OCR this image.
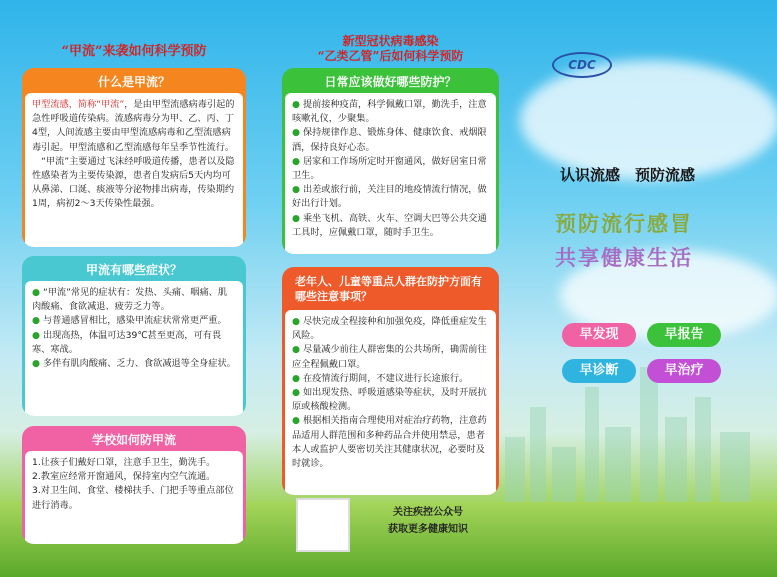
“甲流”来袭如何科学预防
新型冠状病毒感染
“乙类乙管”后如何科学预防
什么是甲流？
甲型流感，简称“甲流”，是由甲型流感病毒引起的急性呼吸道传染病。流感病毒分为甲、乙、丙、丁4型，人间流感主要由甲型流感病毒和乙型流感病毒引起。甲型流感和乙型流感每年呈季节性流行。
　“甲流”主要通过飞沫经呼吸道传播，患者以及隐性感染者为主要传染源，患者自发病后5天内均可从鼻涕、口涎、痰液等分泌物排出病毒，传染期约1周，病初2～3天传染性最强。
甲流有哪些症状？
● “甲流”常见的症状有：发热、头痛、咽痛、肌肉酸痛、食欲减退、疲劳乏力等。
● 与普通感冒相比，感染甲流症状常常更严重。
● 出现高热，体温可达39℃甚至更高，可有畏寒、寒战。
● 多伴有肌肉酸痛、乏力、食欲减退等全身症状。
学校如何防甲流
1.让孩子们戴好口罩，注意手卫生，勤洗手。
2.教室应经常开窗通风，保持室内空气流通。
3.对卫生间、食堂、楼梯扶手、门把手等重点部位进行消毒。
日常应该做好哪些防护？
● 提前接种疫苗，科学佩戴口罩，勤洗手，注意咳嗽礼仪，少聚集。
● 保持规律作息、锻炼身体、健康饮食、戒烟限酒，保持良好心态。
● 居家和工作场所定时开窗通风，做好居室日常卫生。
● 出差或旅行前，关注目的地疫情流行情况，做好出行计划。
● 乘坐飞机、高铁、火车、空调大巴等公共交通工具时，应佩戴口罩，随时手卫生。
老年人、儿童等重点人群在防护方面有哪些注意事项？
● 尽快完成全程接种和加强免疫，降低重症发生风险。
● 尽量减少前往人群密集的公共场所，确需前往应全程佩戴口罩。
● 在疫情流行期间，不建议进行长途旅行。
● 如出现发热、呼吸道感染等症状，及时开展抗原或核酸检测。
● 根据相关指南合理使用对症治疗药物，注意药品适用人群范围和多种药品合并使用禁忌，患者本人或监护人要密切关注其健康状况，必要时及时就诊。
关注疾控公众号
获取更多健康知识
CDC
认识流感　预防流感
预防流行感冒
共享健康生活
早发现	早报告
早诊断	早治疗
